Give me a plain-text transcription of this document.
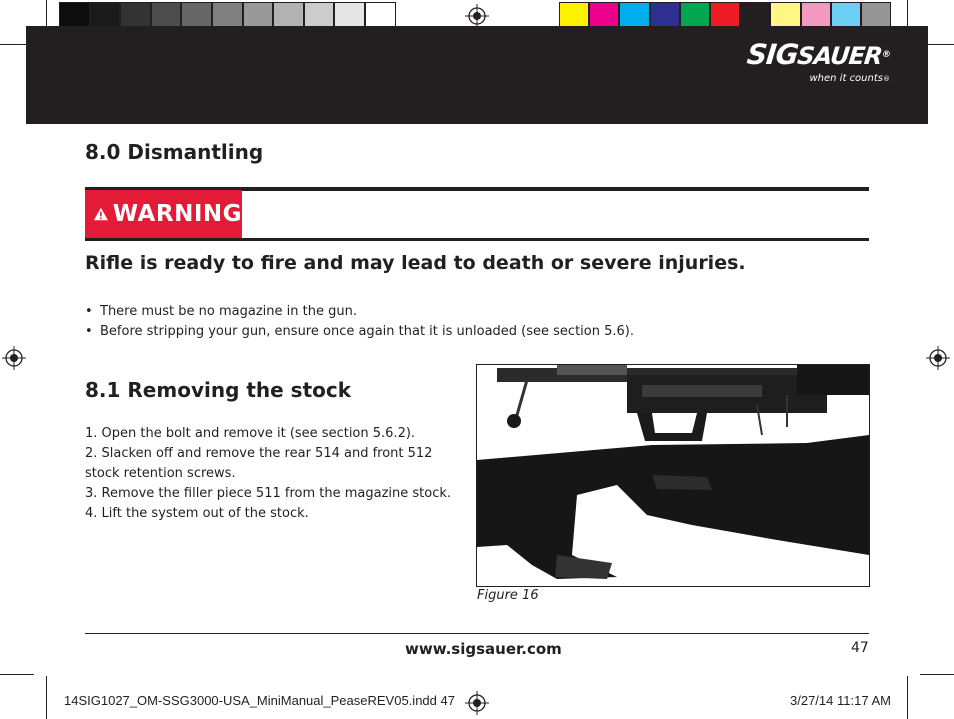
SIGSAUER®
when it counts®
8.0 Dismantling
WARNING
Rifle is ready to fire and may lead to death or severe injuries.
• There must be no magazine in the gun.
• Before stripping your gun, ensure once again that it is unloaded (see section 5.6).
8.1 Removing the stock
1. Open the bolt and remove it (see section 5.6.2).
2. Slacken off and remove the rear 514 and front 512 stock retention screws.
3. Remove the filler piece 511 from the magazine stock.
4. Lift the system out of the stock.
Figure 16
www.sigsauer.com	47
14SIG1027_OM-SSG3000-USA_MiniManual_PeaseREV05.indd 47	3/27/14 11:17 AM
